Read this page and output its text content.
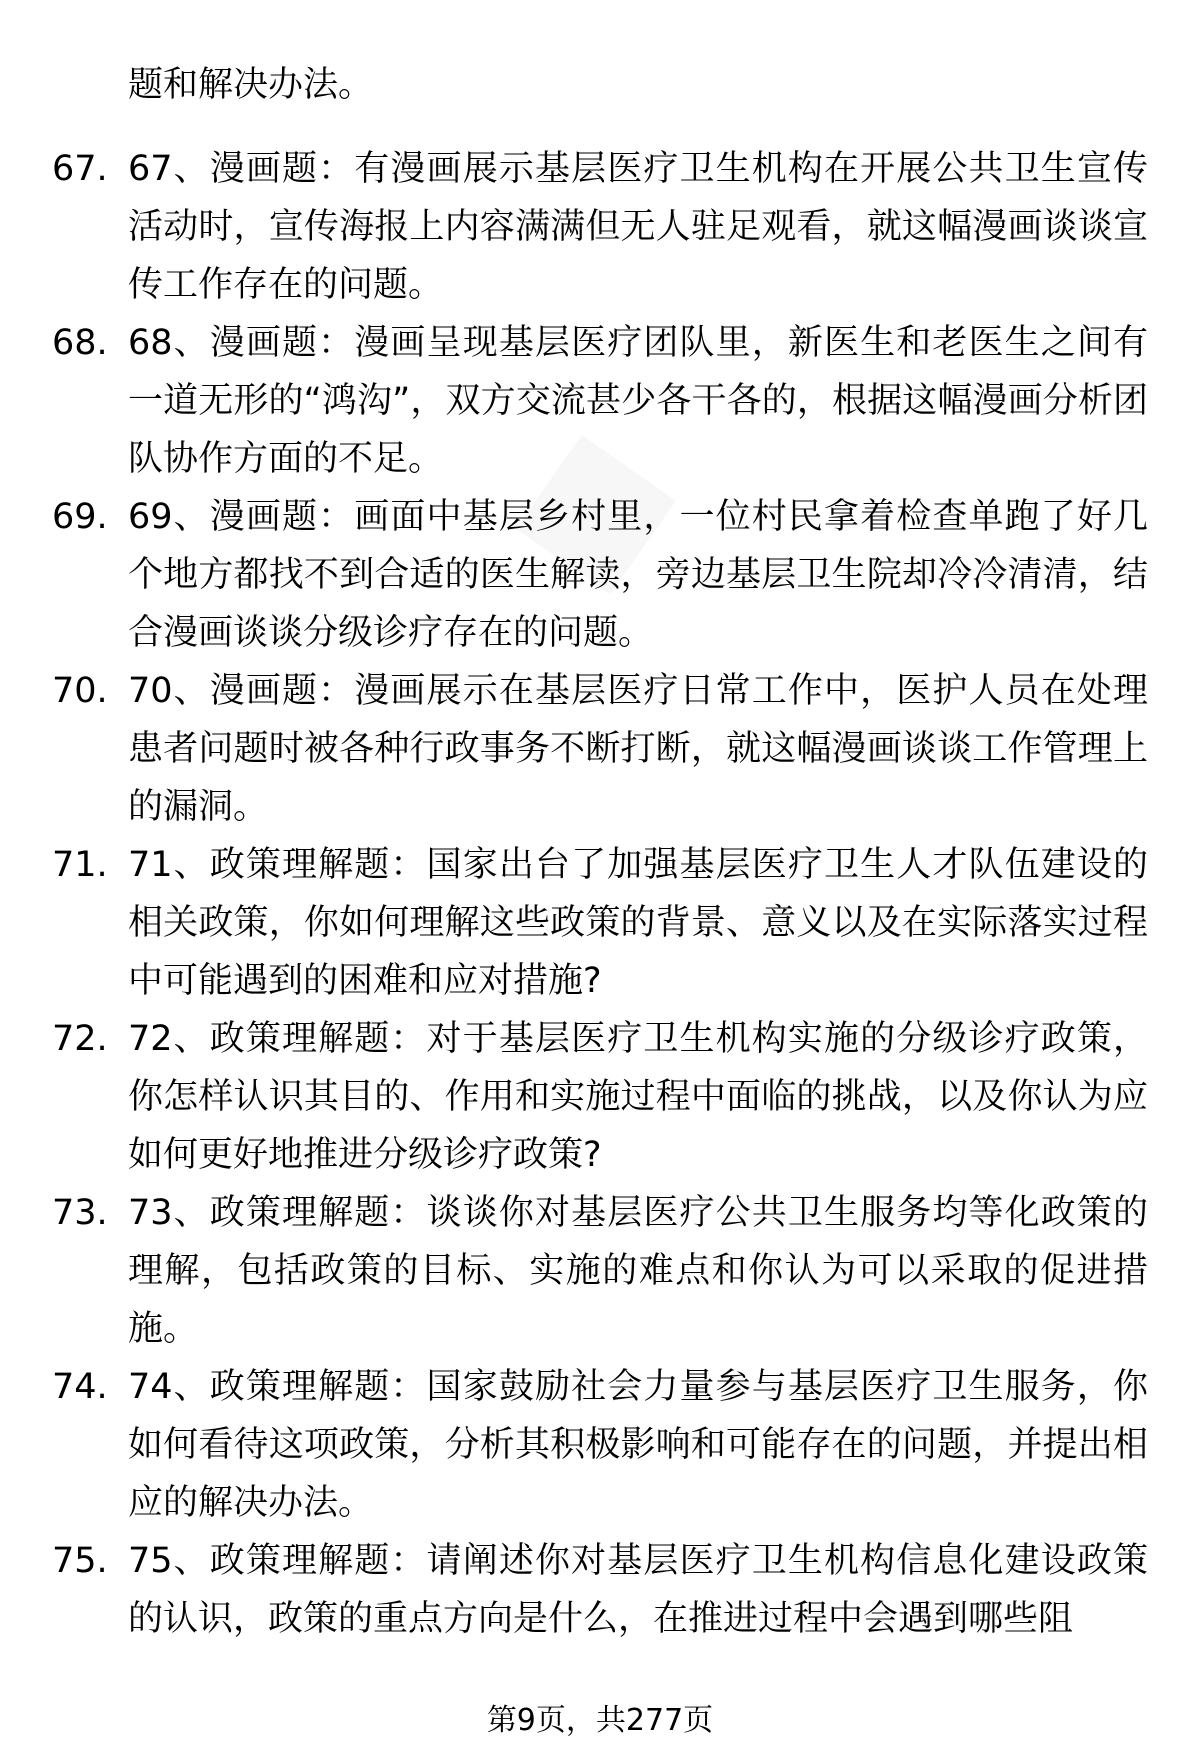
■
题和解决办法。
67. 67、漫画题：有漫画展示基层医疗卫生机构在开展公共卫生宣传活动时，宣传海报上内容满满但无人驻足观看，就这幅漫画谈谈宣传工作存在的问题。
68. 68、漫画题：漫画呈现基层医疗团队里，新医生和老医生之间有一道无形的“鸿沟”，双方交流甚少各干各的，根据这幅漫画分析团队协作方面的不足。
69. 69、漫画题：画面中基层乡村里，一位村民拿着检查单跑了好几个地方都找不到合适的医生解读，旁边基层卫生院却冷冷清清，结合漫画谈谈分级诊疗存在的问题。
70. 70、漫画题：漫画展示在基层医疗日常工作中，医护人员在处理患者问题时被各种行政事务不断打断，就这幅漫画谈谈工作管理上的漏洞。
71. 71、政策理解题：国家出台了加强基层医疗卫生人才队伍建设的相关政策，你如何理解这些政策的背景、意义以及在实际落实过程中可能遇到的困难和应对措施?
72. 72、政策理解题：对于基层医疗卫生机构实施的分级诊疗政策，你怎样认识其目的、作用和实施过程中面临的挑战，以及你认为应如何更好地推进分级诊疗政策?
73. 73、政策理解题：谈谈你对基层医疗公共卫生服务均等化政策的理解，包括政策的目标、实施的难点和你认为可以采取的促进措施。
74. 74、政策理解题：国家鼓励社会力量参与基层医疗卫生服务，你如何看待这项政策，分析其积极影响和可能存在的问题，并提出相应的解决办法。
75. 75、政策理解题：请阐述你对基层医疗卫生机构信息化建设政策的认识，政策的重点方向是什么，在推进过程中会遇到哪些阻
第9页，共277页
